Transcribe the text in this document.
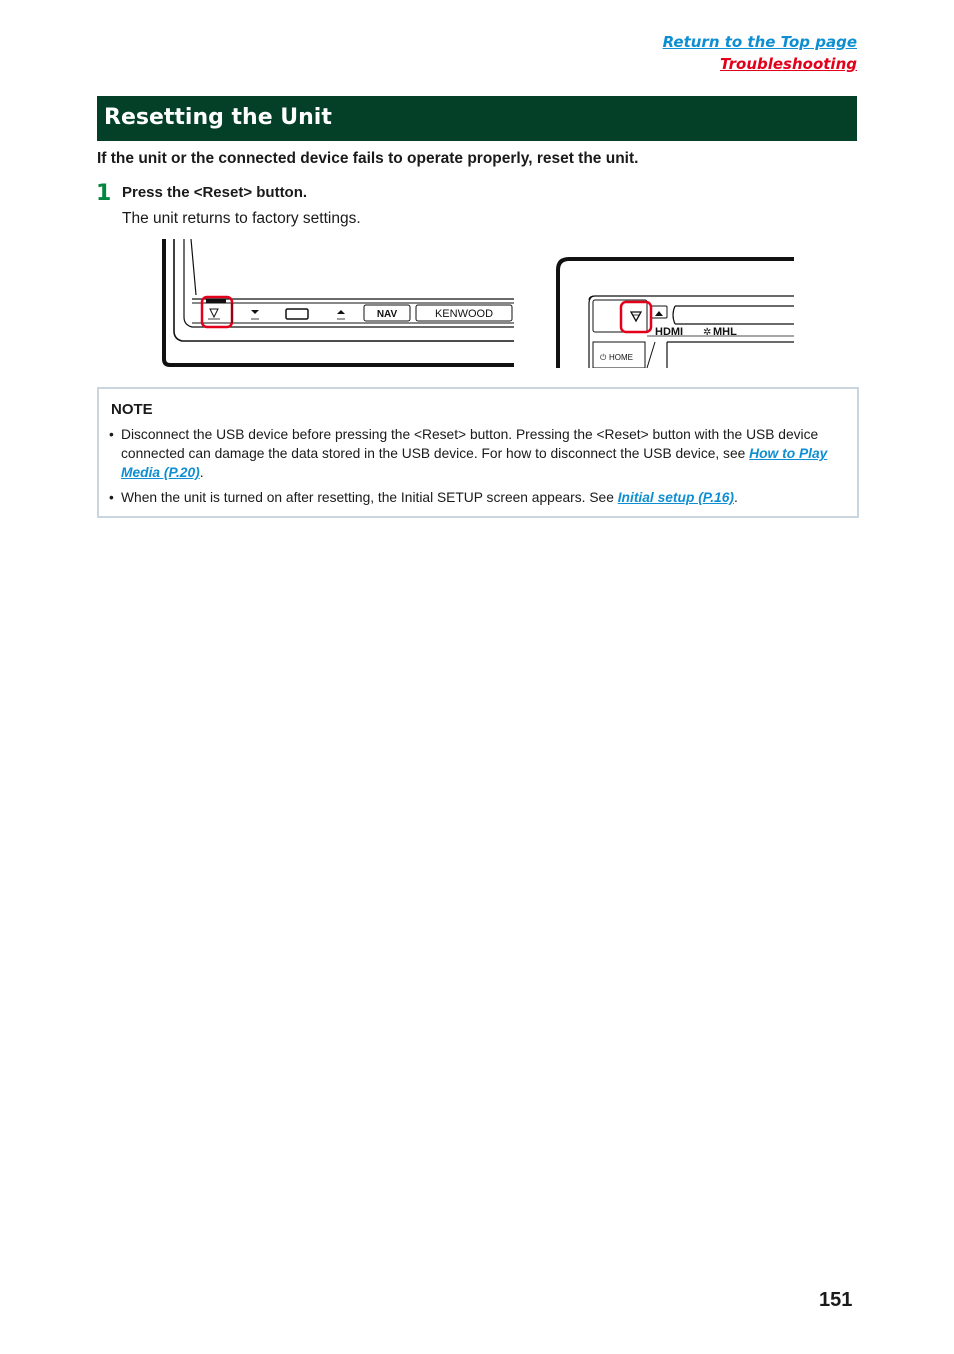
Return to the Top page
Troubleshooting
Resetting the Unit

If the unit or the connected device fails to operate properly, reset the unit.

1 Press the <Reset> button.
The unit returns to factory settings.
NAV	KENWOOD
HDMI ✲ MHL
⏻ HOME
NOTE
• Disconnect the USB device before pressing the <Reset> button. Pressing the <Reset> button with the USB device connected can damage the data stored in the USB device. For how to disconnect the USB device, see How to Play Media (P.20).
• When the unit is turned on after resetting, the Initial SETUP screen appears. See Initial setup (P.16).
151
